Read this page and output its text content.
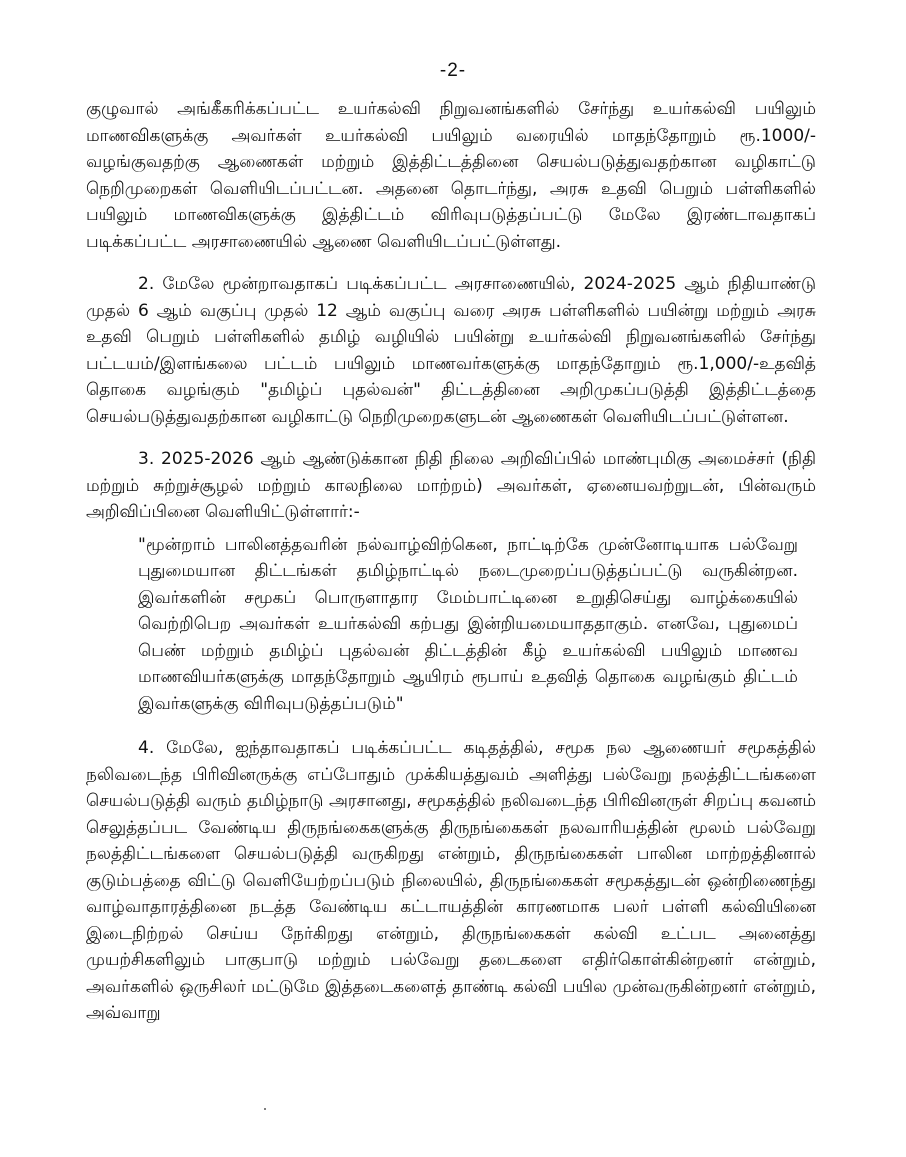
-2-

குழுவால் அங்கீகரிக்கப்பட்ட உயர்கல்வி நிறுவனங்களில் சேர்ந்து உயர்கல்வி பயிலும் மாணவிகளுக்கு அவர்கள் உயர்கல்வி பயிலும் வரையில் மாதந்தோறும் ரூ.1000/- வழங்குவதற்கு ஆணைகள் மற்றும் இத்திட்டத்தினை செயல்படுத்துவதற்கான வழிகாட்டு நெறிமுறைகள் வெளியிடப்பட்டன. அதனை தொடர்ந்து, அரசு உதவி பெறும் பள்ளிகளில் பயிலும் மாணவிகளுக்கு இத்திட்டம் விரிவுபடுத்தப்பட்டு மேலே இரண்டாவதாகப் படிக்கப்பட்ட அரசாணையில் ஆணை வெளியிடப்பட்டுள்ளது.

2. மேலே மூன்றாவதாகப் படிக்கப்பட்ட அரசாணையில், 2024-2025 ஆம் நிதியாண்டு முதல் 6 ஆம் வகுப்பு முதல் 12 ஆம் வகுப்பு வரை அரசு பள்ளிகளில் பயின்று மற்றும் அரசு உதவி பெறும் பள்ளிகளில் தமிழ் வழியில் பயின்று உயர்கல்வி நிறுவனங்களில் சேர்ந்து பட்டயம்/இளங்கலை பட்டம் பயிலும் மாணவர்களுக்கு மாதந்தோறும் ரூ.1,000/-உதவித் தொகை வழங்கும் "தமிழ்ப் புதல்வன்" திட்டத்தினை அறிமுகப்படுத்தி இத்திட்டத்தை செயல்படுத்துவதற்கான வழிகாட்டு நெறிமுறைகளுடன் ஆணைகள் வெளியிடப்பட்டுள்ளன.

3. 2025-2026 ஆம் ஆண்டுக்கான நிதி நிலை அறிவிப்பில் மாண்புமிகு அமைச்சர் (நிதி மற்றும் சுற்றுச்சூழல் மற்றும் காலநிலை மாற்றம்) அவர்கள், ஏனையவற்றுடன், பின்வரும் அறிவிப்பினை வெளியிட்டுள்ளார்:-

"மூன்றாம் பாலினத்தவரின் நல்வாழ்விற்கென, நாட்டிற்கே முன்னோடியாக பல்வேறு புதுமையான திட்டங்கள் தமிழ்நாட்டில் நடைமுறைப்படுத்தப்பட்டு வருகின்றன. இவர்களின் சமூகப் பொருளாதார மேம்பாட்டினை உறுதிசெய்து வாழ்க்கையில் வெற்றிபெற அவர்கள் உயர்கல்வி கற்பது இன்றியமையாததாகும். எனவே, புதுமைப் பெண் மற்றும் தமிழ்ப் புதல்வன் திட்டத்தின் கீழ் உயர்கல்வி பயிலும் மாணவ மாணவியர்களுக்கு மாதந்தோறும் ஆயிரம் ரூபாய் உதவித் தொகை வழங்கும் திட்டம் இவர்களுக்கு விரிவுபடுத்தப்படும்"

4. மேலே, ஐந்தாவதாகப் படிக்கப்பட்ட கடிதத்தில், சமூக நல ஆணையர் சமூகத்தில் நலிவடைந்த பிரிவினருக்கு எப்போதும் முக்கியத்துவம் அளித்து பல்வேறு நலத்திட்டங்களை செயல்படுத்தி வரும் தமிழ்நாடு அரசானது, சமூகத்தில் நலிவடைந்த பிரிவினருள் சிறப்பு கவனம் செலுத்தப்பட வேண்டிய திருநங்கைகளுக்கு திருநங்கைகள் நலவாரியத்தின் மூலம் பல்வேறு நலத்திட்டங்களை செயல்படுத்தி வருகிறது என்றும், திருநங்கைகள் பாலின மாற்றத்தினால் குடும்பத்தை விட்டு வெளியேற்றப்படும் நிலையில், திருநங்கைகள் சமூகத்துடன் ஒன்றிணைந்து வாழ்வாதாரத்தினை நடத்த வேண்டிய கட்டாயத்தின் காரணமாக பலர் பள்ளி கல்வியினை இடைநிற்றல் செய்ய நேர்கிறது என்றும், திருநங்கைகள் கல்வி உட்பட அனைத்து முயற்சிகளிலும் பாகுபாடு மற்றும் பல்வேறு தடைகளை எதிர்கொள்கின்றனர் என்றும், அவர்களில் ஒருசிலர் மட்டுமே இத்தடைகளைத் தாண்டி கல்வி பயில முன்வருகின்றனர் என்றும், அவ்வாறு
